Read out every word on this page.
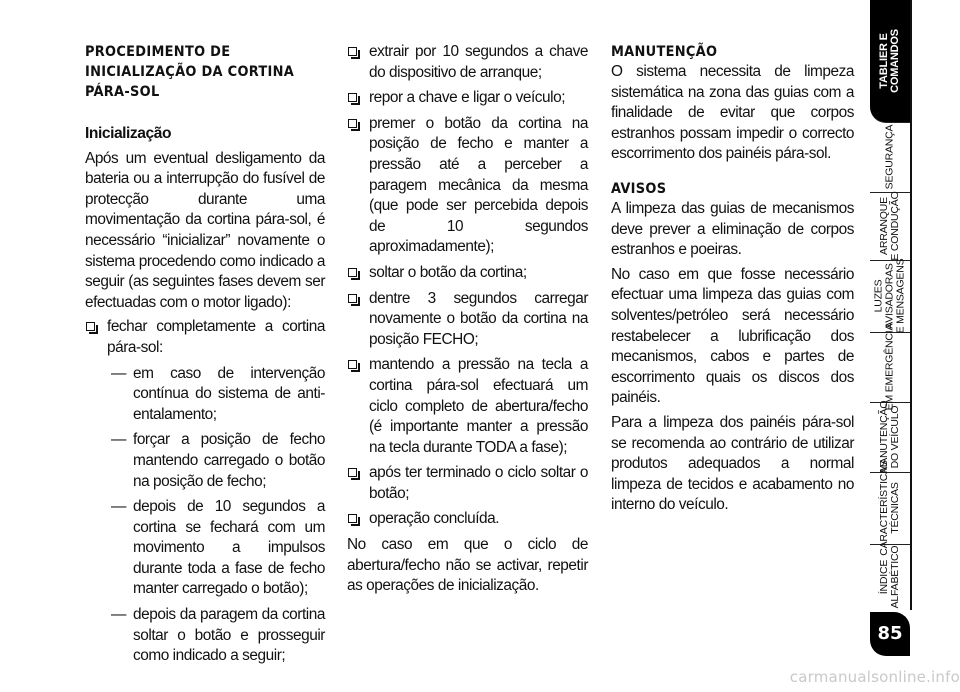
PROCEDIMENTO DE INICIALIZAÇÃO DA CORTINA PÁRA-SOL
Inicialização

Após um eventual desligamento da bateria ou a interrupção do fusível de protecção durante uma movimentação da cortina pára-sol, é necessário “inicializar” novamente o sistema procedendo como indicado a seguir (as seguintes fases devem ser efectuadas com o motor ligado):

fechar completamente a cortina pára-sol:
— em caso de intervenção contínua do sistema de anti-entalamento;
— forçar a posição de fecho mantendo carregado o botão na posição de fecho;
— depois de 10 segundos a cortina se fechará com um movimento a impulsos durante toda a fase de fecho manter carregado o botão);
— depois da paragem da cortina soltar o botão e prosseguir como indicado a seguir;
extrair por 10 segundos a chave do dispositivo de arranque;
repor a chave e ligar o veículo;
premer o botão da cortina na posição de fecho e manter a pressão até a perceber a paragem mecânica da mesma (que pode ser percebida depois de 10 segundos aproximadamente);
soltar o botão da cortina;
dentre 3 segundos carregar novamente o botão da cortina na posição FECHO;
mantendo a pressão na tecla a cortina pára-sol efectuará um ciclo completo de abertura/fecho (é importante manter a pressão na tecla durante TODA a fase);
após ter terminado o ciclo soltar o botão;
operação concluída.

No caso em que o ciclo de abertura/fecho não se activar, repetir as operações de inicialização.

MANUTENÇÃO

O sistema necessita de limpeza sistemática na zona das guias com a finalidade de evitar que corpos estranhos possam impedir o correcto escorrimento dos painéis pára-sol.

AVISOS

A limpeza das guias de mecanismos deve prever a eliminação de corpos estranhos e poeiras.

No caso em que fosse necessário efectuar uma limpeza das guias com solventes/petróleo será necessário restabelecer a lubrificação dos mecanismos, cabos e partes de escorrimento quais os discos dos painéis.

Para a limpeza dos painéis pára-sol se recomenda ao contrário de utilizar produtos adequados a normal limpeza de tecidos e acabamento no interno do veículo.

TABLIER E
COMANDOS
SEGURANÇA
ARRANQUE
E CONDUÇÃO
LUZES
AVISADORAS
E MENSAGENS
EM EMERGÊNCIA
MANUTENÇÃO
DO VEÍCULO
CARACTERÍSTICAS
TÉCNICAS
ÍNDICE
ALFABÉTICO
85
carmanualsonline.info
